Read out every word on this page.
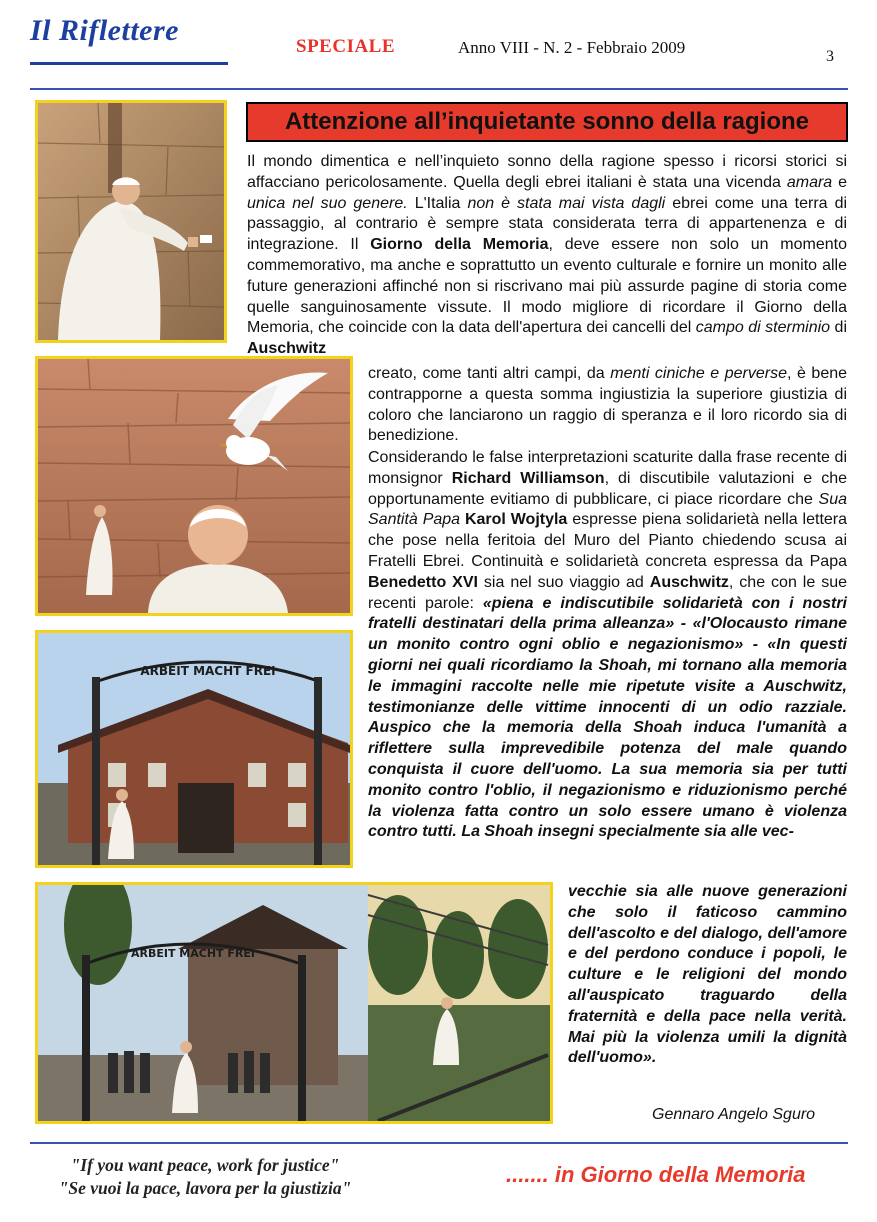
Il Riflettere	SPECIALE	Anno VIII - N. 2 - Febbraio 2009	3
Attenzione all’inquietante sonno della ragione
Il mondo dimentica e nell’inquieto sonno della ragione spesso i ricorsi storici si affacciano pericolosamente. Quella degli ebrei italiani è stata una vicenda amara e unica nel suo genere. L'Italia non è stata mai vista dagli ebrei come una terra di passaggio, al contrario è sempre stata considerata terra di appartenenza e di integrazione. Il Giorno della Memoria, deve essere non solo un momento commemorativo, ma anche e soprattutto un evento culturale e fornire un monito alle future generazioni affinché non si riscrivano mai più assurde pagine di storia come quelle sanguinosamente vissute. Il modo migliore di ricordare il Giorno della Memoria, che coincide con la data dell'apertura dei cancelli del campo di sterminio di Auschwitz
creato, come tanti altri campi, da menti ciniche e perverse, è bene contrapporne a questa somma ingiustizia la superiore giustizia di coloro che lanciarono un raggio di speranza e il loro ricordo sia di benedizione.
Considerando le false interpretazioni scaturite dalla frase recente di monsignor Richard Williamson, di discutibile valutazioni e che opportunamente evitiamo di pubblicare, ci piace ricordare che Sua Santità Papa Karol Wojtyla espresse piena solidarietà nella lettera che pose nella feritoia del Muro del Pianto chiedendo scusa ai Fratelli Ebrei. Continuità e solidarietà concreta espressa da Papa Benedetto XVI sia nel suo viaggio ad Auschwitz, che con le sue recenti parole: «piena e indiscutibile solidarietà con i nostri fratelli destinatari della prima alleanza» - «l'Olocausto rimane un monito contro ogni oblio e negazionismo» - «In questi giorni nei quali ricordiamo la Shoah, mi tornano alla memoria le immagini raccolte nelle mie ripetute visite a Auschwitz, testimonianze delle vittime innocenti di un odio razziale. Auspico che la memoria della Shoah induca l'umanità a riflettere sulla imprevedibile potenza del male quando conquista il cuore dell'uomo. La sua memoria sia per tutti monito contro l'oblio, il negazionismo e riduzionismo perché la violenza fatta contro un solo essere umano è violenza contro tutti. La Shoah insegni specialmente sia alle vec-
ARBEIT MACHT FREI
ARBEIT MACHT FREI
vecchie sia alle nuove generazioni che solo il faticoso cammino dell'ascolto e del dialogo, dell'amore e del perdono conduce i popoli, le culture e le religioni del mondo all'auspicato traguardo della fraternità e della pace nella verità. Mai più la violenza umili la dignità dell'uomo».
Gennaro Angelo Sguro
"If you want peace, work for justice"
"Se vuoi la pace, lavora per la giustizia"
....... in Giorno della Memoria
